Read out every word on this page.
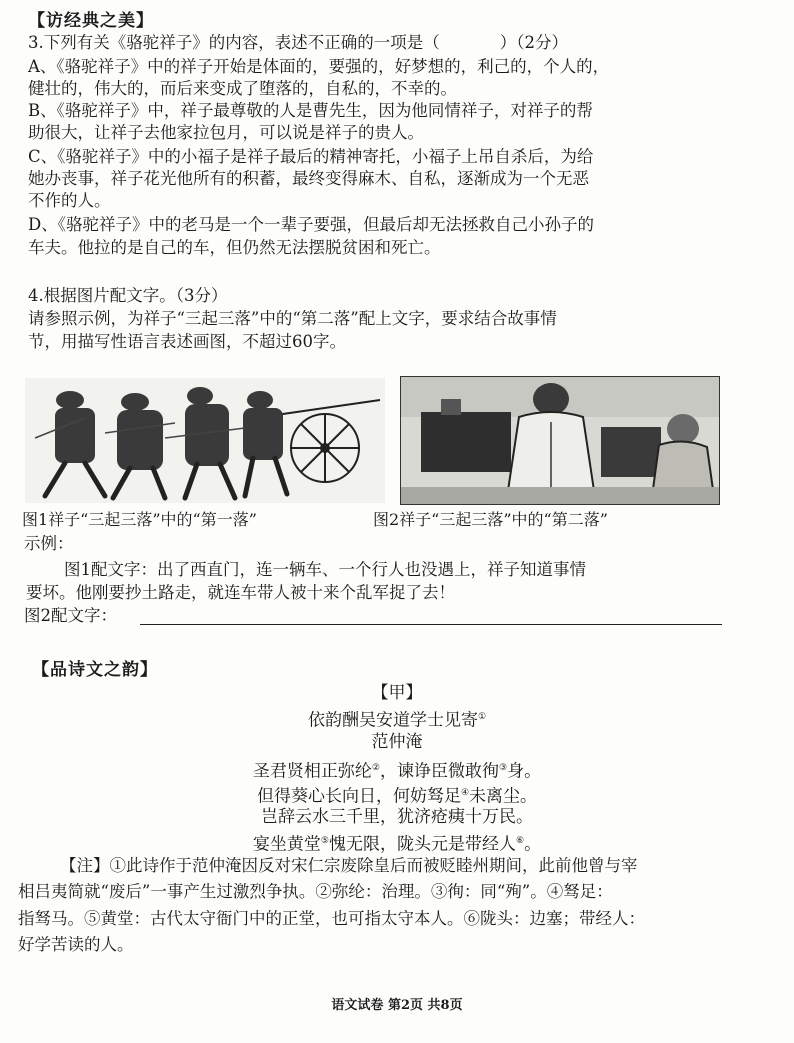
【访经典之美】
3.下列有关《骆驼祥子》的内容，表述不正确的一项是（	）（2分）
A、《骆驼祥子》中的祥子开始是体面的，要强的，好梦想的，利己的，个人的，
健壮的，伟大的，而后来变成了堕落的，自私的，不幸的。
B、《骆驼祥子》中，祥子最尊敬的人是曹先生，因为他同情祥子，对祥子的帮
助很大，让祥子去他家拉包月，可以说是祥子的贵人。
C、《骆驼祥子》中的小福子是祥子最后的精神寄托，小福子上吊自杀后，为给
她办丧事，祥子花光他所有的积蓄，最终变得麻木、自私，逐渐成为一个无恶
不作的人。
D、《骆驼祥子》中的老马是一个一辈子要强，但最后却无法拯救自己小孙子的
车夫。他拉的是自己的车，但仍然无法摆脱贫困和死亡。
4.根据图片配文字。（3分）
请参照示例，为祥子“三起三落”中的“第二落”配上文字，要求结合故事情
节，用描写性语言表述画图，不超过60字。
图1祥子“三起三落”中的“第一落”	图2祥子“三起三落”中的“第二落”
示例：
图1配文字：出了西直门，连一辆车、一个行人也没遇上，祥子知道事情
要坏。他刚要抄土路走，就连车带人被十来个乱军捉了去！
图2配文字：
【品诗文之韵】
【甲】
依韵酬吴安道学士见寄①
范仲淹
圣君贤相正弥纶②，谏诤臣微敢徇③身。
但得葵心长向日，何妨驽足④未离尘。
岂辞云水三千里，犹济疮痍十万民。
宴坐黄堂⑤愧无限，陇头元是带经人⑥。
【注】①此诗作于范仲淹因反对宋仁宗废除皇后而被贬睦州期间，此前他曾与宰
相吕夷简就“废后”一事产生过激烈争执。②弥纶：治理。③徇：同“殉”。④驽足：
指驽马。⑤黄堂：古代太守衙门中的正堂，也可指太守本人。⑥陇头：边塞；带经人：
好学苦读的人。
语文试卷 第2页 共8页
